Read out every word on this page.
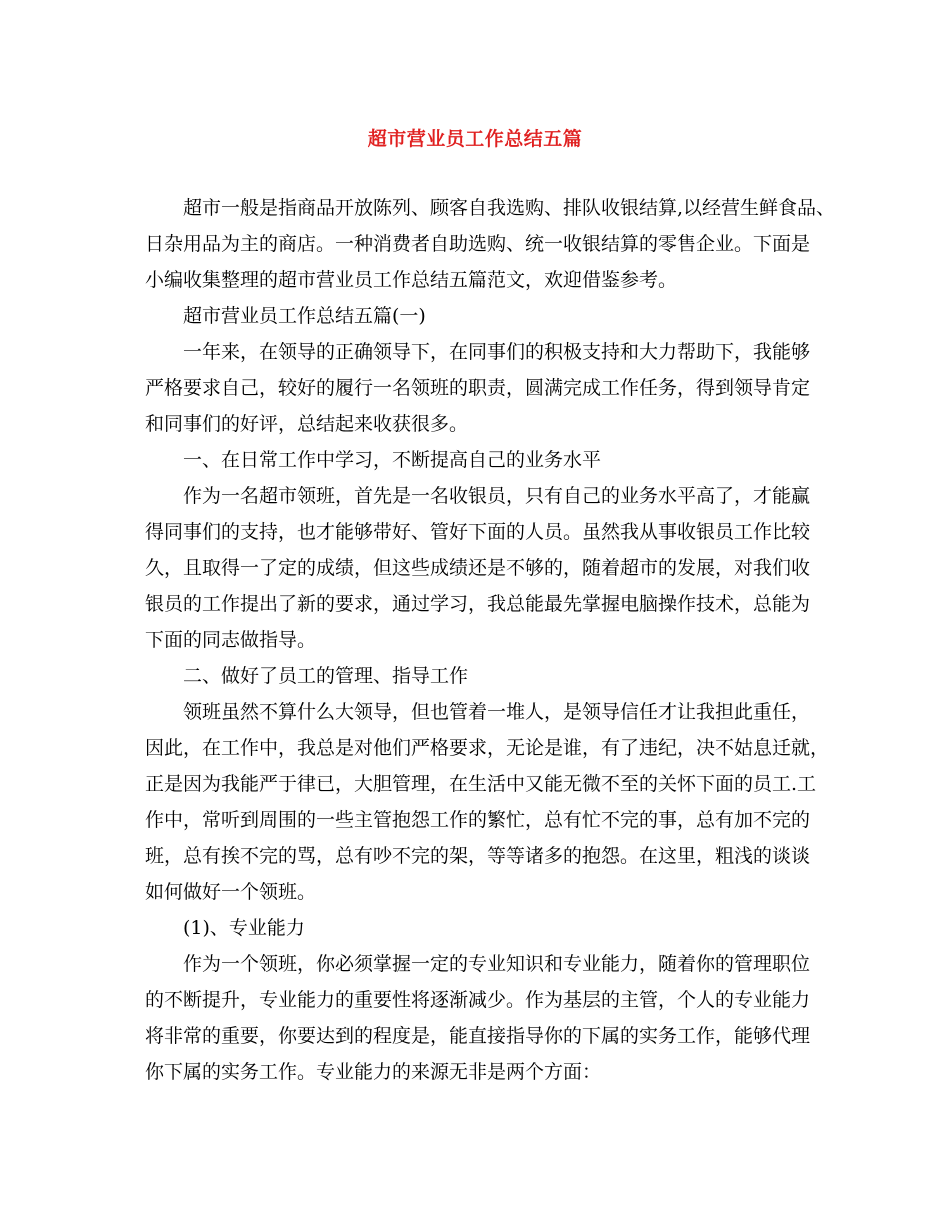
超市营业员工作总结五篇

超市一般是指商品开放陈列、顾客自我选购、排队收银结算,以经营生鲜食品、
日杂用品为主的商店。一种消费者自助选购、统一收银结算的零售企业。下面是
小编收集整理的超市营业员工作总结五篇范文，欢迎借鉴参考。

超市营业员工作总结五篇(一)

一年来，在领导的正确领导下，在同事们的积极支持和大力帮助下，我能够
严格要求自己，较好的履行一名领班的职责，圆满完成工作任务，得到领导肯定
和同事们的好评，总结起来收获很多。

一、在日常工作中学习，不断提高自己的业务水平

作为一名超市领班，首先是一名收银员，只有自己的业务水平高了，才能赢
得同事们的支持，也才能够带好、管好下面的人员。虽然我从事收银员工作比较
久，且取得一了定的成绩，但这些成绩还是不够的，随着超市的发展，对我们收
银员的工作提出了新的要求，通过学习，我总能最先掌握电脑操作技术，总能为
下面的同志做指导。

二、做好了员工的管理、指导工作

领班虽然不算什么大领导，但也管着一堆人，是领导信任才让我担此重任，
因此，在工作中，我总是对他们严格要求，无论是谁，有了违纪，决不姑息迁就，
正是因为我能严于律已，大胆管理，在生活中又能无微不至的关怀下面的员工.工
作中，常听到周围的一些主管抱怨工作的繁忙，总有忙不完的事，总有加不完的
班，总有挨不完的骂，总有吵不完的架，等等诸多的抱怨。在这里，粗浅的谈谈
如何做好一个领班。

(1)、专业能力

作为一个领班，你必须掌握一定的专业知识和专业能力，随着你的管理职位
的不断提升，专业能力的重要性将逐渐减少。作为基层的主管，个人的专业能力
将非常的重要，你要达到的程度是，能直接指导你的下属的实务工作，能够代理
你下属的实务工作。专业能力的来源无非是两个方面：
